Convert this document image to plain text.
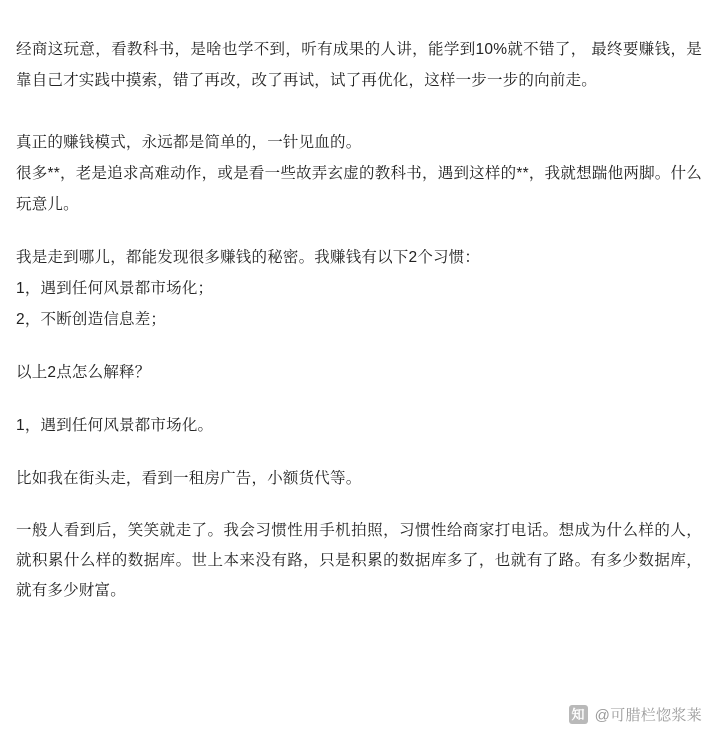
经商这玩意，看教科书，是啥也学不到，听有成果的人讲，能学到10%就不错了， 最终要赚钱，是靠自己才实践中摸索，错了再改，改了再试，试了再优化，这样一步一步的向前走。

真正的赚钱模式，永远都是简单的，一针见血的。

很多**，老是追求高难动作，或是看一些故弄玄虚的教科书，遇到这样的**，我就想踹他两脚。什么玩意儿。

我是走到哪儿，都能发现很多赚钱的秘密。我赚钱有以下2个习惯：

1，遇到任何风景都市场化；

2，不断创造信息差；

以上2点怎么解释？

1，遇到任何风景都市场化。

比如我在街头走，看到一租房广告，小额货代等。

一般人看到后，笑笑就走了。我会习惯性用手机拍照，习惯性给商家打电话。想成为什么样的人，就积累什么样的数据库。世上本来没有路，只是积累的数据库多了，也就有了路。有多少数据库，就有多少财富。

知 @可腊栏惚浆莱
